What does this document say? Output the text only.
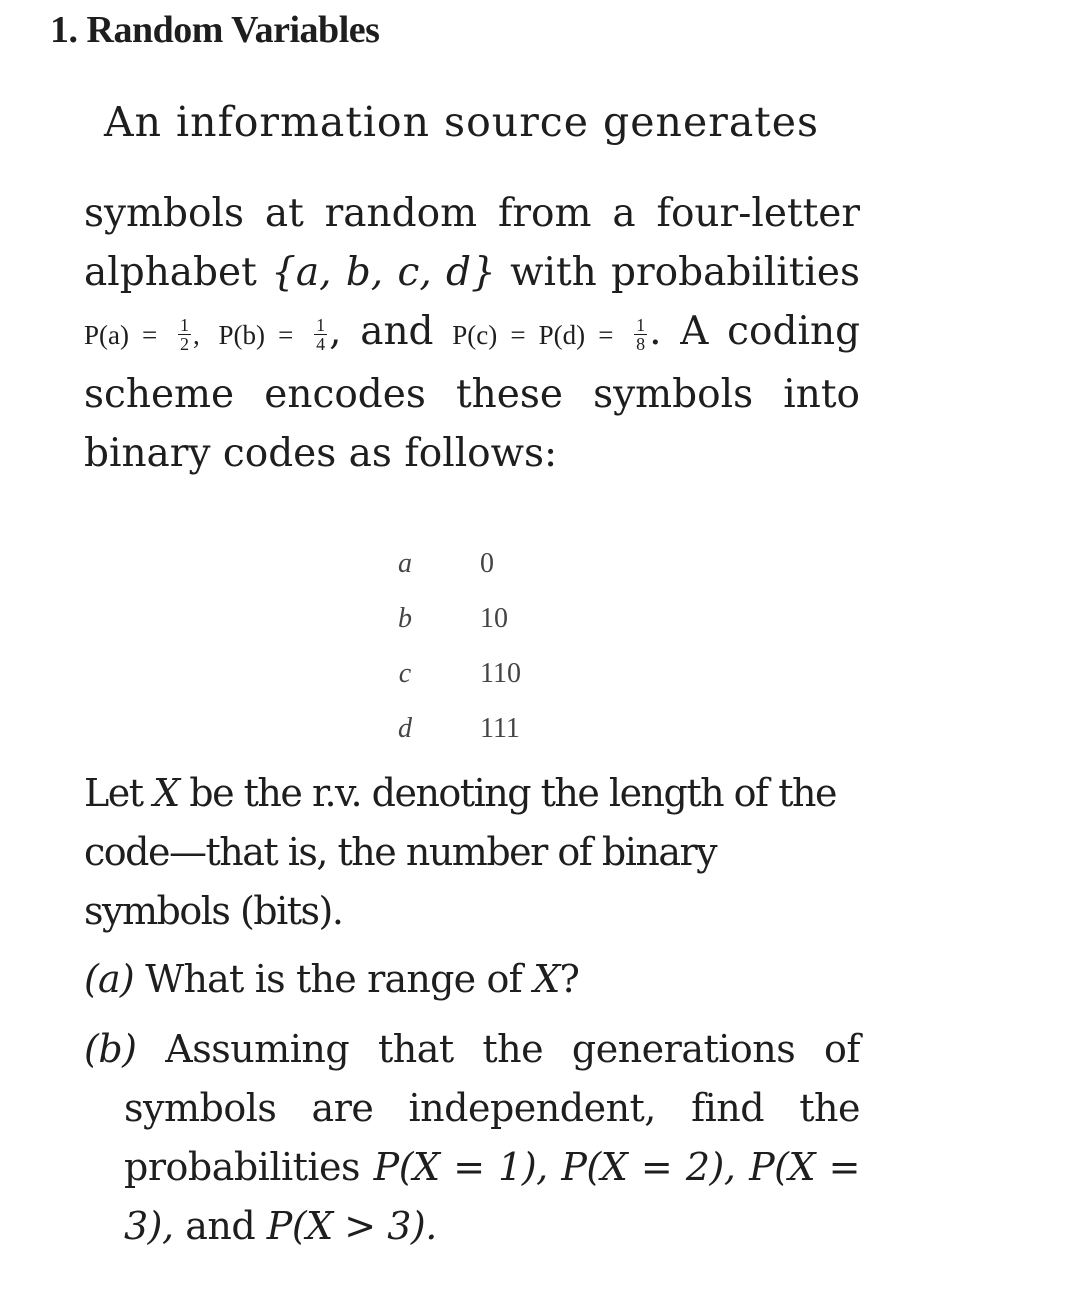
1. Random Variables
An information source generates
symbols at random from a four-letter alphabet {a, b, c, d} with probabilities $P(a) = \frac{1}{2}$ , $P(b) = \frac{1}{4}$ , and $P(c) = P(d) = \frac{1}{8}$ . A coding scheme encodes these symbols into binary codes as follows:
a	0
b	10
c	110
d	111
Let X be the r.v. denoting the length of the code—that is, the number of binary symbols (bits).
(a) What is the range of X?
(b) Assuming that the generations of symbols are independent, find the probabilities P(X = 1), P(X = 2), P(X = 3), and P(X > 3).
